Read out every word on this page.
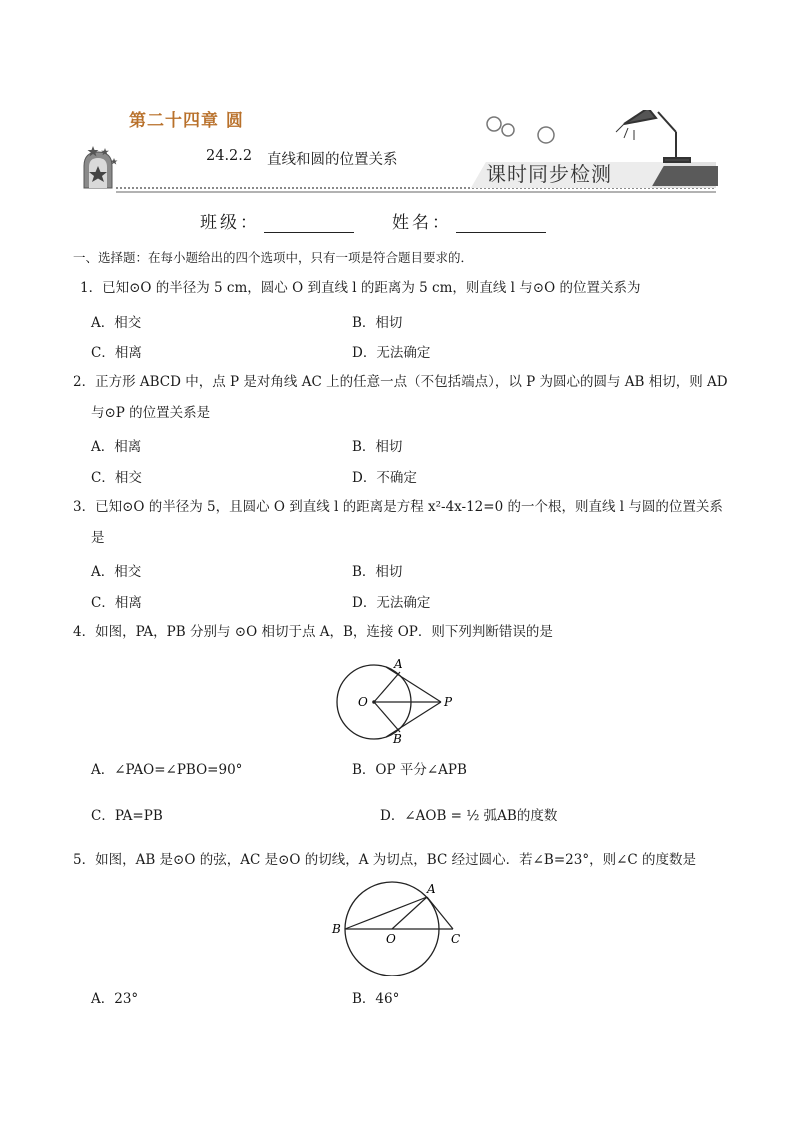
第二十四章 圆
24.2.2 直线和圆的位置关系
课时同步检测
班级：	姓名：
一、选择题：在每小题给出的四个选项中，只有一项是符合题目要求的．
1．已知⊙O 的半径为 5 cm，圆心 O 到直线 l 的距离为 5 cm，则直线 l 与⊙O 的位置关系为
A．相交	B．相切
C．相离	D．无法确定
2．正方形 ABCD 中，点 P 是对角线 AC 上的任意一点（不包括端点），以 P 为圆心的圆与 AB 相切，则 AD
与⊙P 的位置关系是
A．相离	B．相切
C．相交	D．不确定
3．已知⊙O 的半径为 5，且圆心 O 到直线 l 的距离是方程 x²-4x-12=0 的一个根，则直线 l 与圆的位置关系
是
A．相交	B．相切
C．相离	D．无法确定
4．如图，PA，PB 分别与 ⊙O 相切于点 A，B，连接 OP．则下列判断错误的是
A
B
O	P
A．∠PAO=∠PBO=90°	B．OP 平分∠APB
C．PA=PB	D．∠AOB = ½ 弧AB的度数
5．如图，AB 是⊙O 的弦，AC 是⊙O 的切线，A 为切点，BC 经过圆心．若∠B=23°，则∠C 的度数是
A
B
O	C
A．23°	B．46°
